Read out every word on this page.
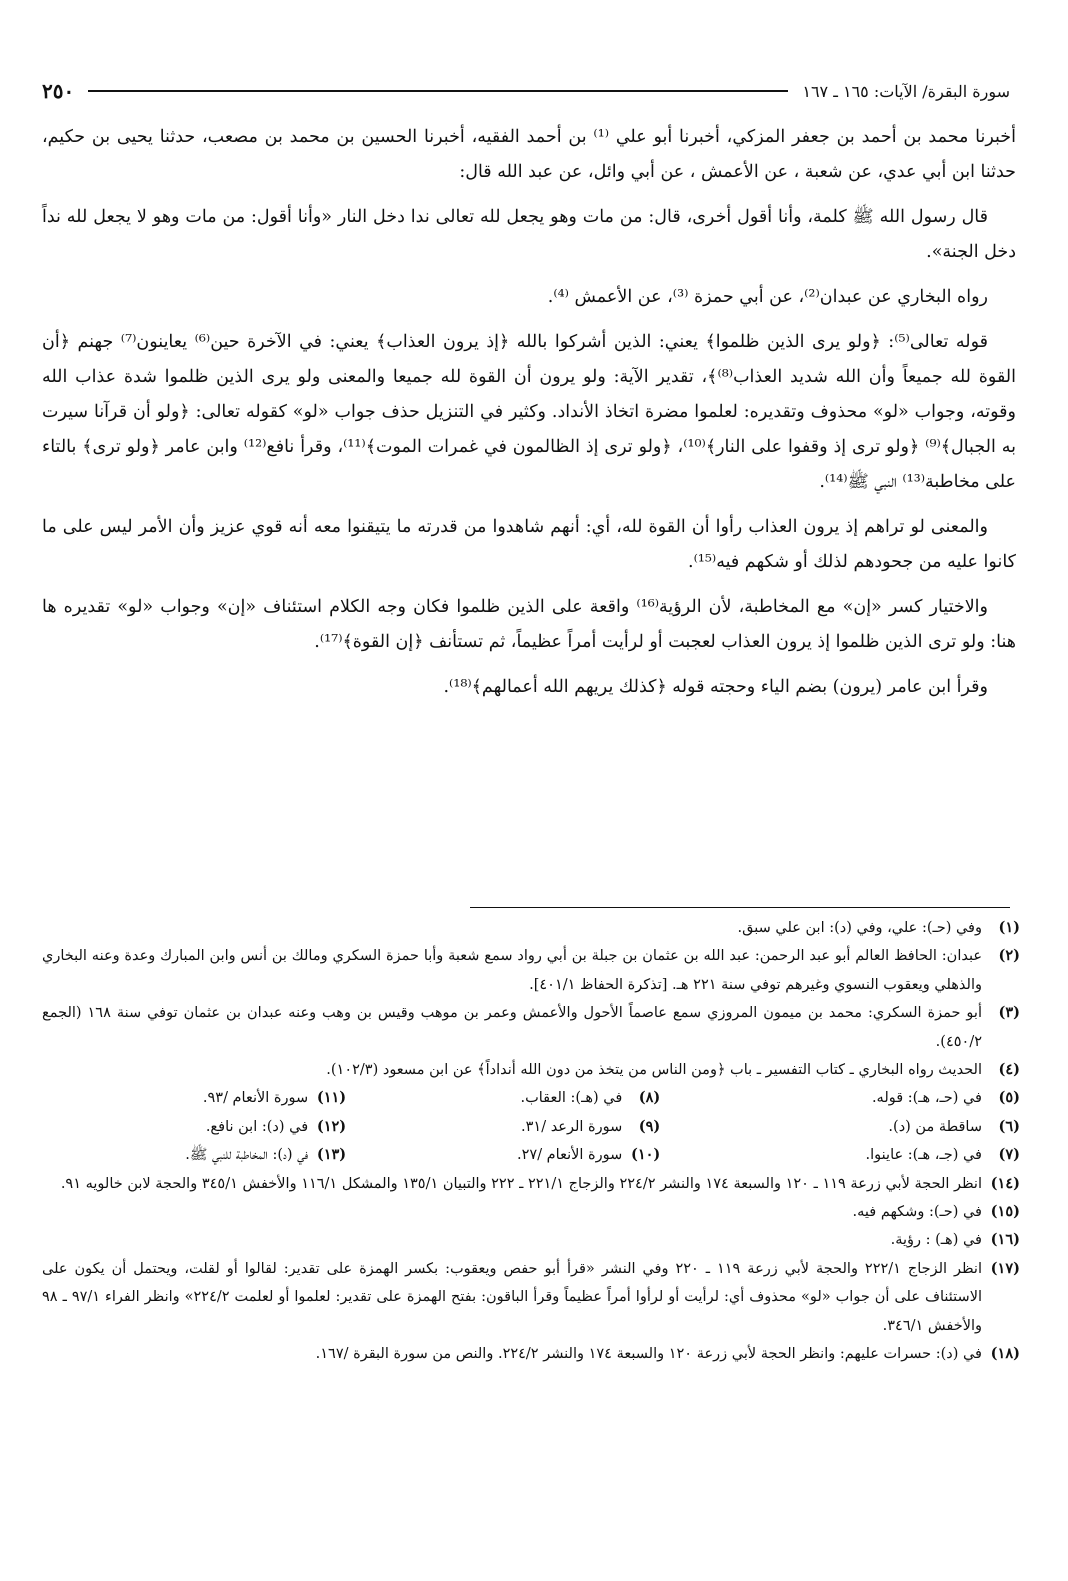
سورة البقرة/ الآيات: ١٦٥ ـ ١٦٧
٢٥٠

أخبرنا محمد بن أحمد بن جعفر المزكي، أخبرنا أبو علي ⁽¹⁾ بن أحمد الفقيه، أخبرنا الحسين بن محمد بن مصعب، حدثنا يحيى بن حكيم، حدثنا ابن أبي عدي، عن شعبة ، عن الأعمش ، عن أبي وائل، عن عبد الله قال:

قال رسول الله ﷺ كلمة، وأنا أقول أخرى، قال: من مات وهو يجعل لله تعالى ندا دخل النار «وأنا أقول: من مات وهو لا يجعل لله نداً دخل الجنة».

رواه البخاري عن عبدان⁽²⁾، عن أبي حمزة ⁽³⁾، عن الأعمش ⁽⁴⁾.

قوله تعالى⁽⁵⁾: ﴿ولو يرى الذين ظلموا﴾ يعني: الذين أشركوا بالله ﴿إذ يرون العذاب﴾ يعني: في الآخرة حين⁽⁶⁾ يعاينون⁽⁷⁾ جهنم ﴿أن القوة لله جميعاً وأن الله شديد العذاب⁽⁸⁾﴾، تقدير الآية: ولو يرون أن القوة لله جميعا والمعنى ولو يرى الذين ظلموا شدة عذاب الله وقوته، وجواب «لو» محذوف وتقديره: لعلموا مضرة اتخاذ الأنداد. وكثير في التنزيل حذف جواب «لو» كقوله تعالى: ﴿ولو أن قرآنا سيرت به الجبال﴾⁽⁹⁾ ﴿ولو ترى إذ وقفوا على النار﴾⁽¹⁰⁾، ﴿ولو ترى إذ الظالمون في غمرات الموت﴾⁽¹¹⁾، وقرأ نافع⁽¹²⁾ وابن عامر ﴿ولو ترى﴾ بالتاء على مخاطبة⁽¹³⁾ النبي ﷺ⁽¹⁴⁾.

والمعنى لو تراهم إذ يرون العذاب رأوا أن القوة لله، أي: أنهم شاهدوا من قدرته ما يتيقنوا معه أنه قوي عزيز وأن الأمر ليس على ما كانوا عليه من جحودهم لذلك أو شكهم فيه⁽¹⁵⁾.

والاختيار كسر «إن» مع المخاطبة، لأن الرؤية⁽¹⁶⁾ واقعة على الذين ظلموا فكان وجه الكلام استئناف «إن» وجواب «لو» تقديره ها هنا: ولو ترى الذين ظلموا إذ يرون العذاب لعجبت أو لرأيت أمراً عظيماً، ثم تستأنف ﴿إن القوة﴾⁽¹⁷⁾.

وقرأ ابن عامر (يرون) بضم الياء وحجته قوله ﴿كذلك يريهم الله أعمالهم﴾⁽¹⁸⁾.

(١)
وفي (حـ): علي، وفي (د): ابن علي سبق.
(٢)
عبدان: الحافظ العالم أبو عبد الرحمن: عبد الله بن عثمان بن جبلة بن أبي رواد سمع شعبة وأبا حمزة السكري ومالك بن أنس وابن المبارك وعدة وعنه البخاري والذهلي ويعقوب النسوي وغيرهم توفي سنة ٢٢١ هـ. [تذكرة الحفاظ ٤٠١/١].
(٣)
أبو حمزة السكري: محمد بن ميمون المروزي سمع عاصماً الأحول والأعمش وعمر بن موهب وقيس بن وهب وعنه عبدان بن عثمان توفي سنة ١٦٨ (الجمع ٤٥٠/٢).
(٤)
الحديث رواه البخاري ـ كتاب التفسير ـ باب ﴿ومن الناس من يتخذ من دون الله أنداداً﴾ عن ابن مسعود (١٠٢/٣).
(٥)
في (حـ، هـ): قوله.
(٨)
في (هـ): العقاب.
(١١)
سورة الأنعام /٩٣.
(٦)
ساقطة من (د).
(٩)
سورة الرعد /٣١.
(١٢)
في (د): ابن نافع.
(٧)
في (جـ، هـ): عاينوا.
(١٠)
سورة الأنعام /٢٧.
(١٣)
في (د): المخاطبة للنبي ﷺ.
(١٤)
انظر الحجة لأبي زرعة ١١٩ ـ ١٢٠ والسبعة ١٧٤ والنشر ٢٢٤/٢ والزجاج ٢٢١/١ ـ ٢٢٢ والتبيان ١٣٥/١ والمشكل ١١٦/١ والأخفش ٣٤٥/١ والحجة لابن خالويه ٩١.
(١٥)
في (حـ): وشكهم فيه.
(١٦)
في (هـ) : رؤية.
(١٧)
انظر الزجاج ٢٢٢/١ والحجة لأبي زرعة ١١٩ ـ ٢٢٠ وفي النشر «قرأ أبو حفص ويعقوب: بكسر الهمزة على تقدير: لقالوا أو لقلت، ويحتمل أن يكون على الاستئناف على أن جواب «لو» محذوف أي: لرأيت أو لرأوا أمراً عظيماً وقرأ الباقون: بفتح الهمزة على تقدير: لعلموا أو لعلمت ٢٢٤/٢» وانظر الفراء ٩٧/١ ـ ٩٨ والأخفش ٣٤٦/١.
(١٨)
في (د): حسرات عليهم: وانظر الحجة لأبي زرعة ١٢٠ والسبعة ١٧٤ والنشر ٢٢٤/٢. والنص من سورة البقرة /١٦٧.
